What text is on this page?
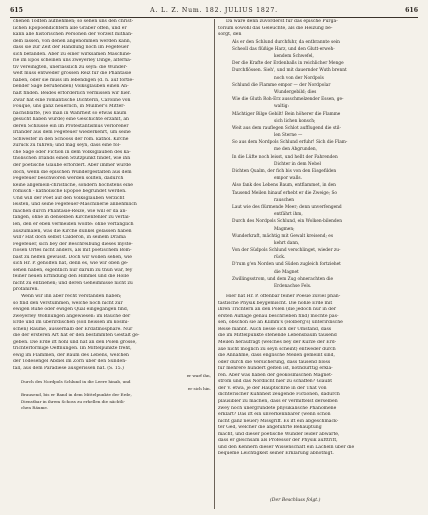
615	A. L. Z. Num. 182. JULIUS 1827.	616
chenen Todten aufnehmen; so sehen uns den christ-
lichen Epopöendichtern alle Gräber offen, und er
kann alle historischen Personen der Vorzeit mithan-
deln lassen, von denen angenommen werden kann,
dass sie zur Zeit der Handlung noch im Fegefeuer
sich befanden. Aber zu einer wirksamen Maschine-
rie im Epos scheinen uns zweyerley Dinge, alterna-
tiv vereinigten, unerlässlich zu seyn: die Wunder-
welt muss entweder grossen Reiz für die Phantasie
haben, oder sie muss im lebendigen (d. h. auf fortle-
bender Sage beruhenden) Volksglauben einen An-
halt finden. Beides erforderlich vermissen wir hier.
Zwar hat eine romantische Dichterin, Caroline von
Fouqué, uns ganz neuerlich, in Müllner's Mitter-
nachsblatte, (wo man in Wahrheit so etwas kaum
gesucht haben würde) eine Geschichte erzählt, an
deren Schlusse ein im Protestantismus verlorener
Irländer aus dem Fegefeuer wiederkehrt, um seine
Schwester in den Schooss der röm. kathol. Kirche
zurück zu führen; und mag seyn, dass eine fol-
che Sage oder Fiction in dem Volksglauben des ka-
tholischen Irlands einen Stützpunkt findet, wie ihn
der poetische Glaube erfordert. Aber immer würde
doch, wenn die epischen Wundergestalten aus dem
Fegefeuer beschworen werden sollten, dadurch
keine allgemein-christliche, sondern höchstens eine
römisch - katholische Epopöe begründet werden.
Und will der Poet auf den Volksglauben Verzicht
leisten, und seine Fegefeuer-Maschinerie annehmlich
machen durch Phantasie-Reize, wie will er da an-
fangen, ohne in denselben Kirchenfehler zu verfal-
len, den er eben vermeiden wollte: ohne verfänglich
auszumalen, was die Kirche dunkel gelassen haben
will? Hat doch selbst Calderon, in seinem Drama
Fegefeuer, sich bey der Beschreibung dieses myste-
riösen Ortes nicht anders, als mit poetischem Bom-
bast zu helfen gewusst. Doch wir wollen sehen, wie
sich Hr. P. geholfen hat, denn es, wie wir oben ge-
sehen haben, eigentlich nur darum zu thun war, fey
feiner neuen Erfindung den Himmel und die Hölle
nicht zu entziehen; und deren Geheimnisse nicht zu
profaniren.
Wenn wir ihn aber recht verstanden haben;
so find den Verstummen, welche noch nicht zur
ewigen Ruhe oder ewigen Qual eingegangen find,
zweyerley Wohnungen angewiesen: im Bauche der
Erde und im überirdischen (soll heissen im kosmi-
schen) Raume, ausserhalb der Erdatmosphäre. Nur
die der ersteren Art hat er den bestimmten Gestalt ge-
geben. Die Erde ift hohl und hat an den Polen grosse,
trichterförmige Oeffnungen. Im Mittelpunkte freht,
ewig im Flammen, der Baum des Lebens, welchen
der Todesengel Abdiel im Zorn über den Sünden-
fall, aus dem Paradiese ausgerissen hat. (S. 15.)
er warf ihn,
Durch des Nordpols Schlund in die Leere hinab, und
er sich hin.
Brausend, bis er Band in dem Mittelpunkte der Erde,
Dienstbar in ihrem Schoss zu erhellen die nächtli-
chen Räume.
Da wäre denn zuvörderst für das epische Purga-
torium sowohl das Geleuchte, als die Heizung be-
sorgt, den
Als er den Schlund durchfuhr, da entbrannte sein
Scheoll das flüßige Harz, und den Glutt-erweh-
kendem Schwefel,
Der die Krafte der Erdenballs in reichlicher Menge
Durchflössen. Sieh', und mit dauernder Wuth brennt
noch von der Nordpols
Schlund die Flamme empor — der Nordpolar
Wundergebild; dies
Wie die Gluth Roh-Erz ausschmelzender Essen, ge-
waltig:
Mächtiger Bilge Gebilt! Bein höherer die Flamme
sich lichen konsch;
Weit aus dem rauflegen Schlot aufflugend die stil-
len Sterne —
So aus dem Nordpols Schlund erfuhr! Sich die Flam-
me den Abgrunden,
In die Lüfte noch leisst, und hellt der Fahrenden
Dichter in dem Nebel
Dichten Qualm, der fich bis von den Eisgefilden
empor walls.
Also fank des Lebens Baum, entflammet, in den
Tausend Meilen hinauf erhebt er die Zweige; So
rauschen
Laut wie des flürmende Meer; denn unverfengend
entfährt ihm,
Durch des Nordpols Schlund, ein Wolken-bilenden
Magmen;
Wunderkraft, mächtig mit Gewalt kreisend; es
kehrt dann,
Von der Südpols Schlund verschlinget, wieder zu-
rück.
D'rum g'en Norden und Süden zugleich fortziehet
die Magnet
Zwillingsstrom, und dem Zug ohnerachten die
Erdenachse Fels.
Hier hat Hr. P. offenbar feiner Poesie zuviel phan-
tastische Physik beygemischt. Die hohle Erde mit
ihren Trichtern an den Polen (die jedoch nur in der
ersten Auflage genau beschrieben find) möchte pas-
sen, obschon sie an Klimm's (Holberg's) unterirdische
Reise mahnt. Auch liesse sich der Umstand, dass
die im Mittelpunkte stehende Lebensbaum tausend
Meilen heraufragt (welches bey der Kürze der Erd-
axe nicht möglich zu seyn scheint) entweder durch
die Annahme, dass englische Meilen gemeint sind,
oder durch die Versicherung, dass tausend bloss
für mehrere hundert gelten ist, nothdürftig erklä-
ren. Aber was haben der geokosmischen Magnet-
strom und das Nordlicht hier zu schaffen? Glaubt
der V. etwa, je der Hauptschrie in der That von
dichterischer Kühnheit zeugende Fictionen, dadurch
plausibler zu machen, dass er vermittelst derselben
zwey noch unergründete physikalische Phänomene
erklärt? Das ift ein unverkennbarer (wenn schon
nicht ganz neuer) Missgriff. Es ift ein abgeschmack-
ter Ged, welcher die angeführte Behauptung
macht, und dieser poetische Wunder leider abwarte,
dass er gleichsam als Professor der Physik aufttritt,
und den Kennern dieser Wissenschaft ein Lächeln über die
bequeme Leichtigkeit seiner Erklärung abnöthigt.
(Der Beschluss folgt.)
